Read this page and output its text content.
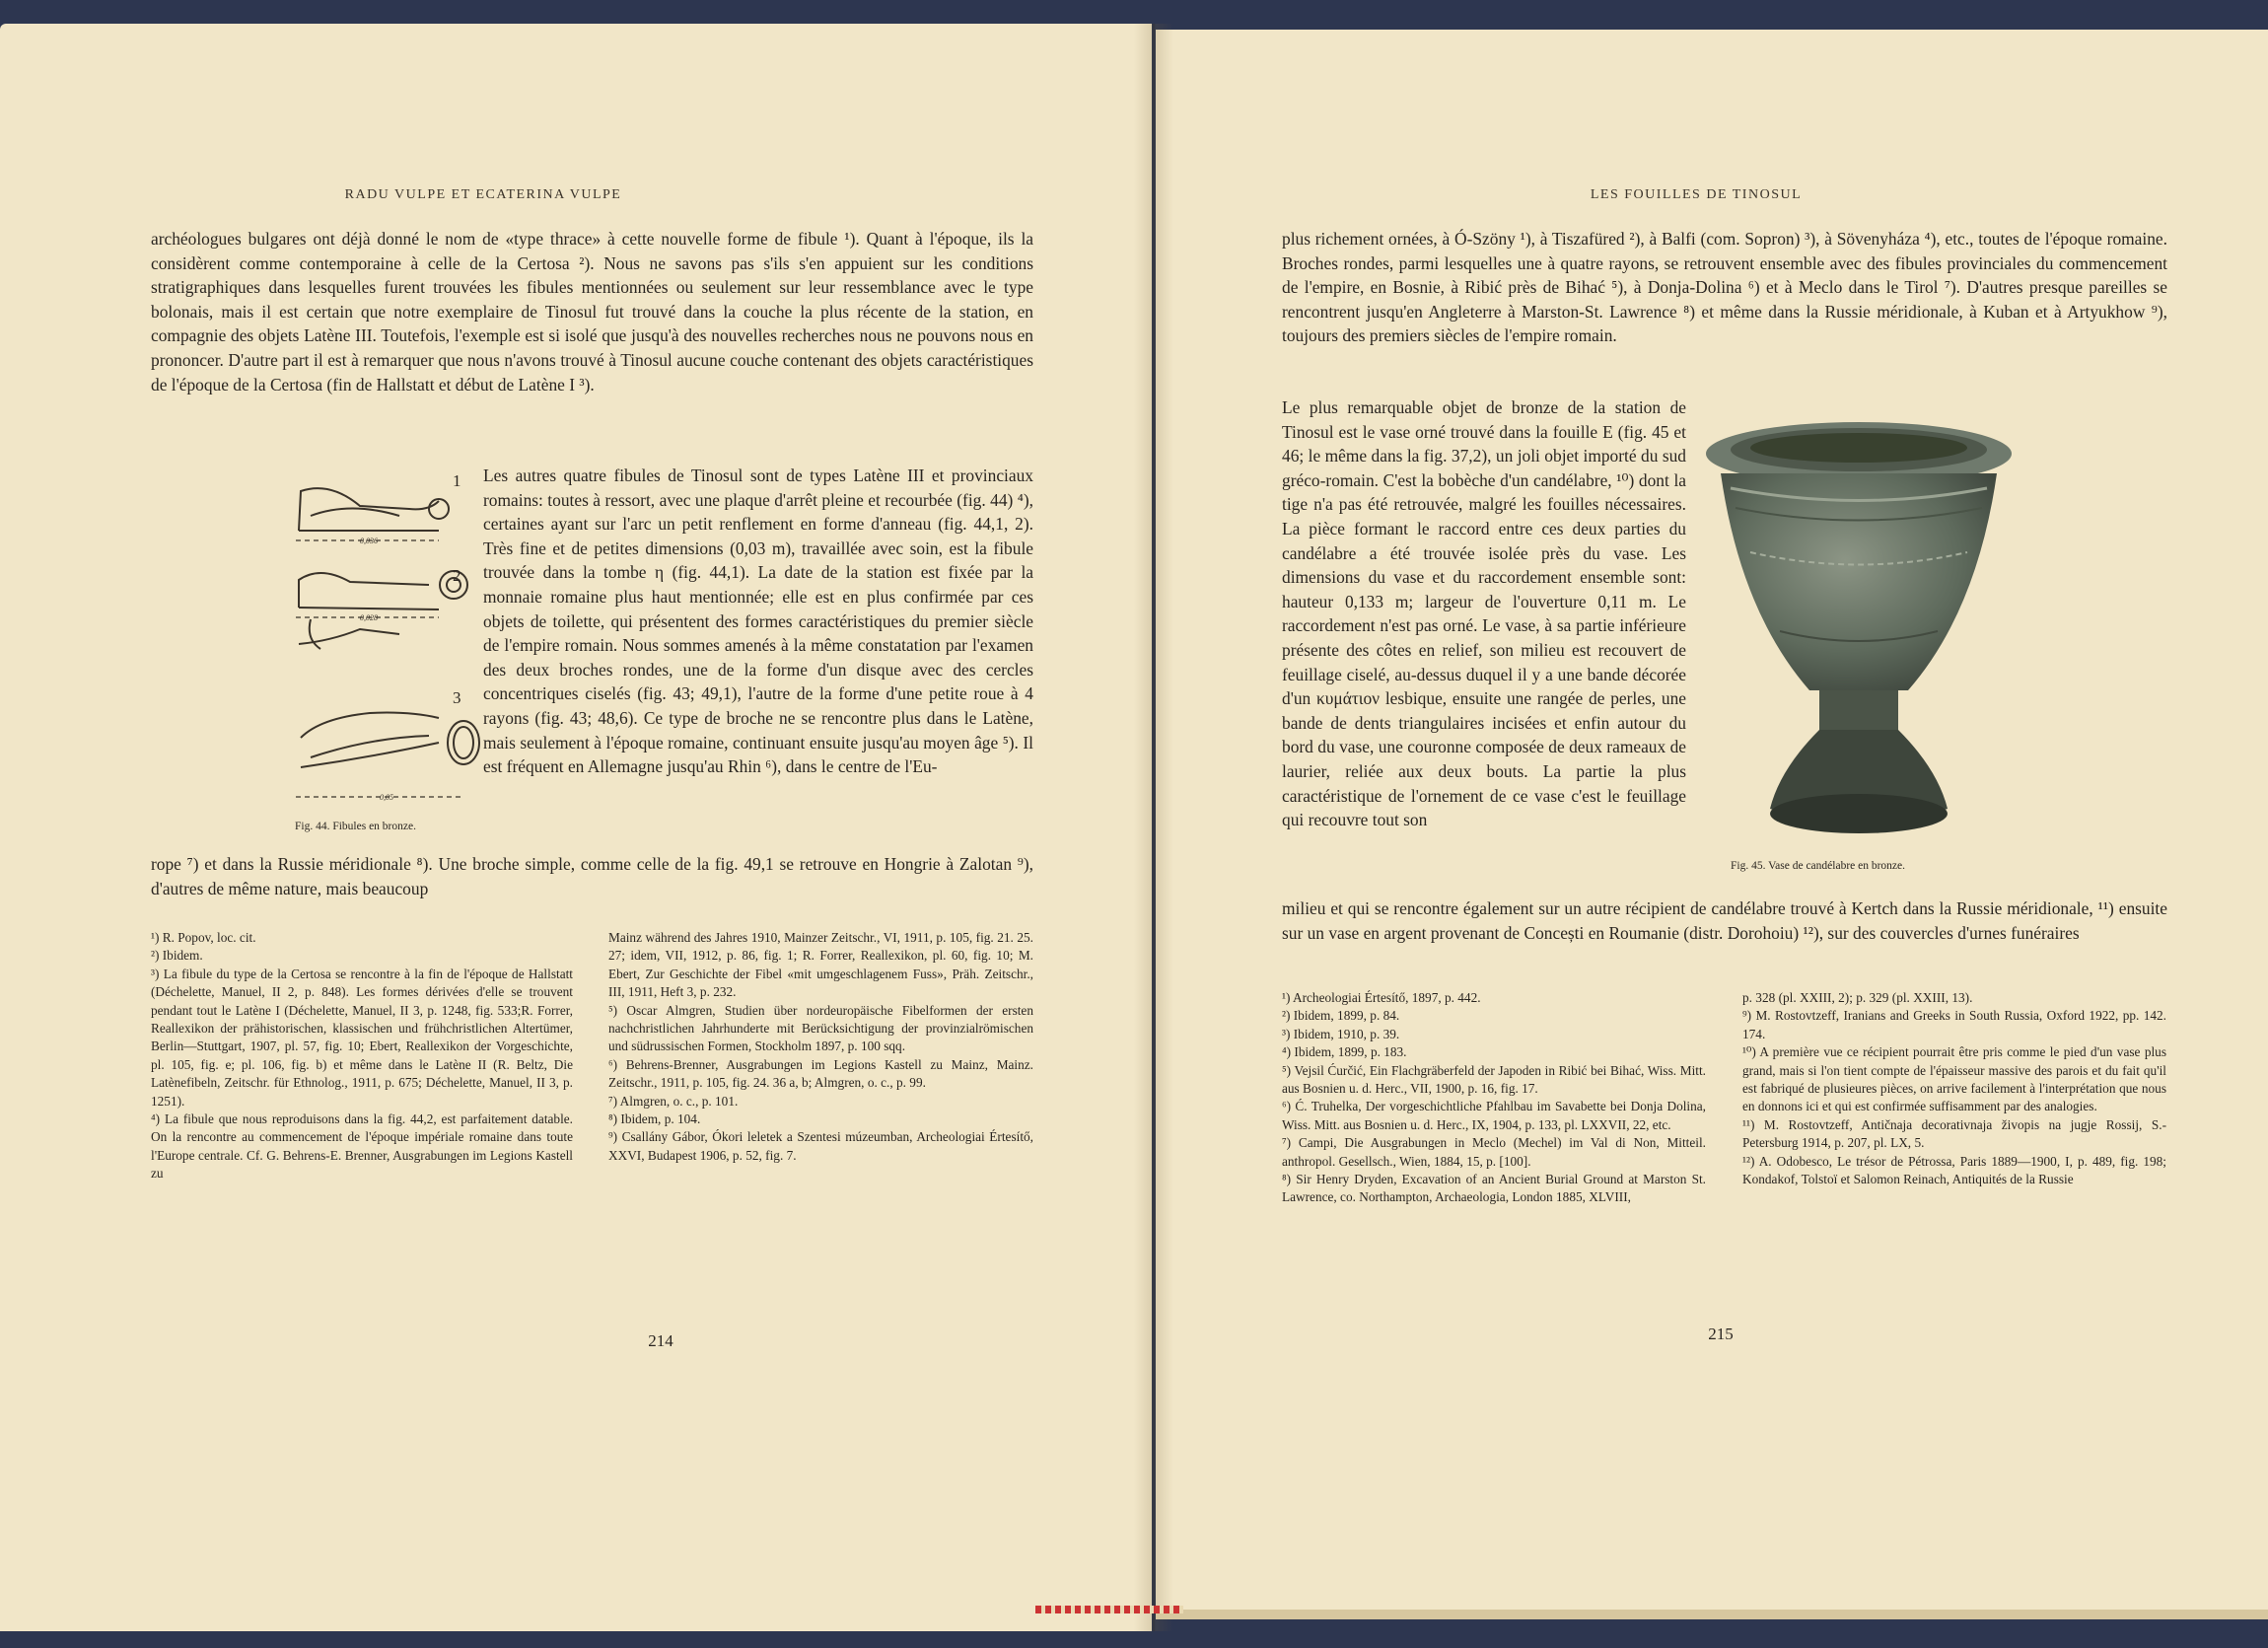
RADU VULPE ET ECATERINA VULPE

archéologues bulgares ont déjà donné le nom de «type thrace» à cette nouvelle forme de fibule ¹). Quant à l'époque, ils la considèrent comme contemporaine à celle de la Certosa ²). Nous ne savons pas s'ils s'en appuient sur les conditions stratigraphiques dans lesquelles furent trouvées les fibules mentionnées ou seulement sur leur ressemblance avec le type bolonais, mais il est certain que notre exemplaire de Tinosul fut trouvé dans la couche la plus récente de la station, en compagnie des objets Latène III. Toutefois, l'exemple est si isolé que jusqu'à des nouvelles recherches nous ne pouvons nous en prononcer. D'autre part il est à remarquer que nous n'avons trouvé à Tinosul aucune couche contenant des objets caractéristiques de l'époque de la Certosa (fin de Hallstatt et début de Latène I ³).

0,036
0,028
0,05
1
2
3
Fig. 44. Fibules en bronze.

Les autres quatre fibules de Tinosul sont de types Latène III et provinciaux romains: toutes à ressort, avec une plaque d'arrêt pleine et recourbée (fig. 44) ⁴), certaines ayant sur l'arc un petit renflement en forme d'anneau (fig. 44,1, 2). Très fine et de petites dimensions (0,03 m), travaillée avec soin, est la fibule trouvée dans la tombe η (fig. 44,1). La date de la station est fixée par la monnaie romaine plus haut mentionnée; elle est en plus confirmée par ces objets de toilette, qui présentent des formes caractéristiques du premier siècle de l'empire romain. Nous sommes amenés à la même constatation par l'examen des deux broches rondes, une de la forme d'un disque avec des cercles concentriques ciselés (fig. 43; 49,1), l'autre de la forme d'une petite roue à 4 rayons (fig. 43; 48,6). Ce type de broche ne se rencontre plus dans le Latène, mais seulement à l'époque romaine, continuant ensuite jusqu'au moyen âge ⁵). Il est fréquent en Allemagne jusqu'au Rhin ⁶), dans le centre de l'Eu-

rope ⁷) et dans la Russie méridionale ⁸). Une broche simple, comme celle de la fig. 49,1 se retrouve en Hongrie à Zalotan ⁹), d'autres de même nature, mais beaucoup

¹) R. Popov, loc. cit.

²) Ibidem.

³) La fibule du type de la Certosa se rencontre à la fin de l'époque de Hallstatt (Déchelette, Manuel, II 2, p. 848). Les formes dérivées d'elle se trouvent pendant tout le Latène I (Déchelette, Manuel, II 3, p. 1248, fig. 533;R. Forrer, Reallexikon der prähistorischen, klassischen und frühchristlichen Altertümer, Berlin—Stuttgart, 1907, pl. 57, fig. 10; Ebert, Reallexikon der Vorgeschichte, pl. 105, fig. e; pl. 106, fig. b) et même dans le Latène II (R. Beltz, Die Latènefibeln, Zeitschr. für Ethnolog., 1911, p. 675; Déchelette, Manuel, II 3, p. 1251).

⁴) La fibule que nous reproduisons dans la fig. 44,2, est parfaitement datable. On la rencontre au commencement de l'époque impériale romaine dans toute l'Europe centrale. Cf. G. Behrens-E. Brenner, Ausgrabungen im Legions Kastell zu

Mainz während des Jahres 1910, Mainzer Zeitschr., VI, 1911, p. 105, fig. 21. 25. 27; idem, VII, 1912, p. 86, fig. 1; R. Forrer, Reallexikon, pl. 60, fig. 10; M. Ebert, Zur Geschichte der Fibel «mit umgeschlagenem Fuss», Präh. Zeitschr., III, 1911, Heft 3, p. 232.

⁵) Oscar Almgren, Studien über nordeuropäische Fibelformen der ersten nachchristlichen Jahrhunderte mit Berücksichtigung der provinzialrömischen und südrussischen Formen, Stockholm 1897, p. 100 sqq.

⁶) Behrens-Brenner, Ausgrabungen im Legions Kastell zu Mainz, Mainz. Zeitschr., 1911, p. 105, fig. 24. 36 a, b; Almgren, o. c., p. 99.

⁷) Almgren, o. c., p. 101.

⁸) Ibidem, p. 104.

⁹) Csallány Gábor, Ókori leletek a Szentesi múzeumban, Archeologiai Értesítő, XXVI, Budapest 1906, p. 52, fig. 7.

214
LES FOUILLES DE TINOSUL

plus richement ornées, à Ó-Szöny ¹), à Tiszafüred ²), à Balfi (com. Sopron) ³), à Sövenyháza ⁴), etc., toutes de l'époque romaine. Broches rondes, parmi lesquelles une à quatre rayons, se retrouvent ensemble avec des fibules provinciales du commencement de l'empire, en Bosnie, à Ribić près de Bihać ⁵), à Donja-Dolina ⁶) et à Meclo dans le Tirol ⁷). D'autres presque pareilles se rencontrent jusqu'en Angleterre à Marston-St. Lawrence ⁸) et même dans la Russie méridionale, à Kuban et à Artyukhow ⁹), toujours des premiers siècles de l'empire romain.

Le plus remarquable objet de bronze de la station de Tinosul est le vase orné trouvé dans la fouille E (fig. 45 et 46; le même dans la fig. 37,2), un joli objet importé du sud gréco-romain. C'est la bobèche d'un candélabre, ¹⁰) dont la tige n'a pas été retrouvée, malgré les fouilles nécessaires. La pièce formant le raccord entre ces deux parties du candélabre a été trouvée isolée près du vase. Les dimensions du vase et du raccordement ensemble sont: hauteur 0,133 m; largeur de l'ouverture 0,11 m. Le raccordement n'est pas orné. Le vase, à sa partie inférieure présente des côtes en relief, son milieu est recouvert de feuillage ciselé, au-dessus duquel il y a une bande décorée d'un κυμάτιον lesbique, ensuite une rangée de perles, une bande de dents triangulaires incisées et enfin autour du bord du vase, une couronne composée de deux rameaux de laurier, reliée aux deux bouts. La partie la plus caractéristique de l'ornement de ce vase c'est le feuillage qui recouvre tout son

Fig. 45. Vase de candélabre en bronze.

milieu et qui se rencontre également sur un autre récipient de candélabre trouvé à Kertch dans la Russie méridionale, ¹¹) ensuite sur un vase en argent provenant de Concești en Roumanie (distr. Dorohoiu) ¹²), sur des couvercles d'urnes funéraires

¹) Archeologiai Értesítő, 1897, p. 442.

²) Ibidem, 1899, p. 84.

³) Ibidem, 1910, p. 39.

⁴) Ibidem, 1899, p. 183.

⁵) Vejsil Ćurčić, Ein Flachgräberfeld der Japoden in Ribić bei Bihać, Wiss. Mitt. aus Bosnien u. d. Herc., VII, 1900, p. 16, fig. 17.

⁶) Ć. Truhelka, Der vorgeschichtliche Pfahlbau im Savabette bei Donja Dolina, Wiss. Mitt. aus Bosnien u. d. Herc., IX, 1904, p. 133, pl. LXXVII, 22, etc.

⁷) Campi, Die Ausgrabungen in Meclo (Mechel) im Val di Non, Mitteil. anthropol. Gesellsch., Wien, 1884, 15, p. [100].

⁸) Sir Henry Dryden, Excavation of an Ancient Burial Ground at Marston St. Lawrence, co. Northampton, Archaeologia, London 1885, XLVIII,

p. 328 (pl. XXIII, 2); p. 329 (pl. XXIII, 13).

⁹) M. Rostovtzeff, Iranians and Greeks in South Russia, Oxford 1922, pp. 142. 174.

¹⁰) A première vue ce récipient pourrait être pris comme le pied d'un vase plus grand, mais si l'on tient compte de l'épaisseur massive des parois et du fait qu'il est fabriqué de plusieures pièces, on arrive facilement à l'interprétation que nous en donnons ici et qui est confirmée suffisamment par des analogies.

¹¹) M. Rostovtzeff, Antičnaja decorativnaja živopis na jugje Rossij, S.-Petersburg 1914, p. 207, pl. LX, 5.

¹²) A. Odobesco, Le trésor de Pétrossa, Paris 1889—1900, I, p. 489, fig. 198; Kondakof, Tolstoï et Salomon Reinach, Antiquités de la Russie

215
